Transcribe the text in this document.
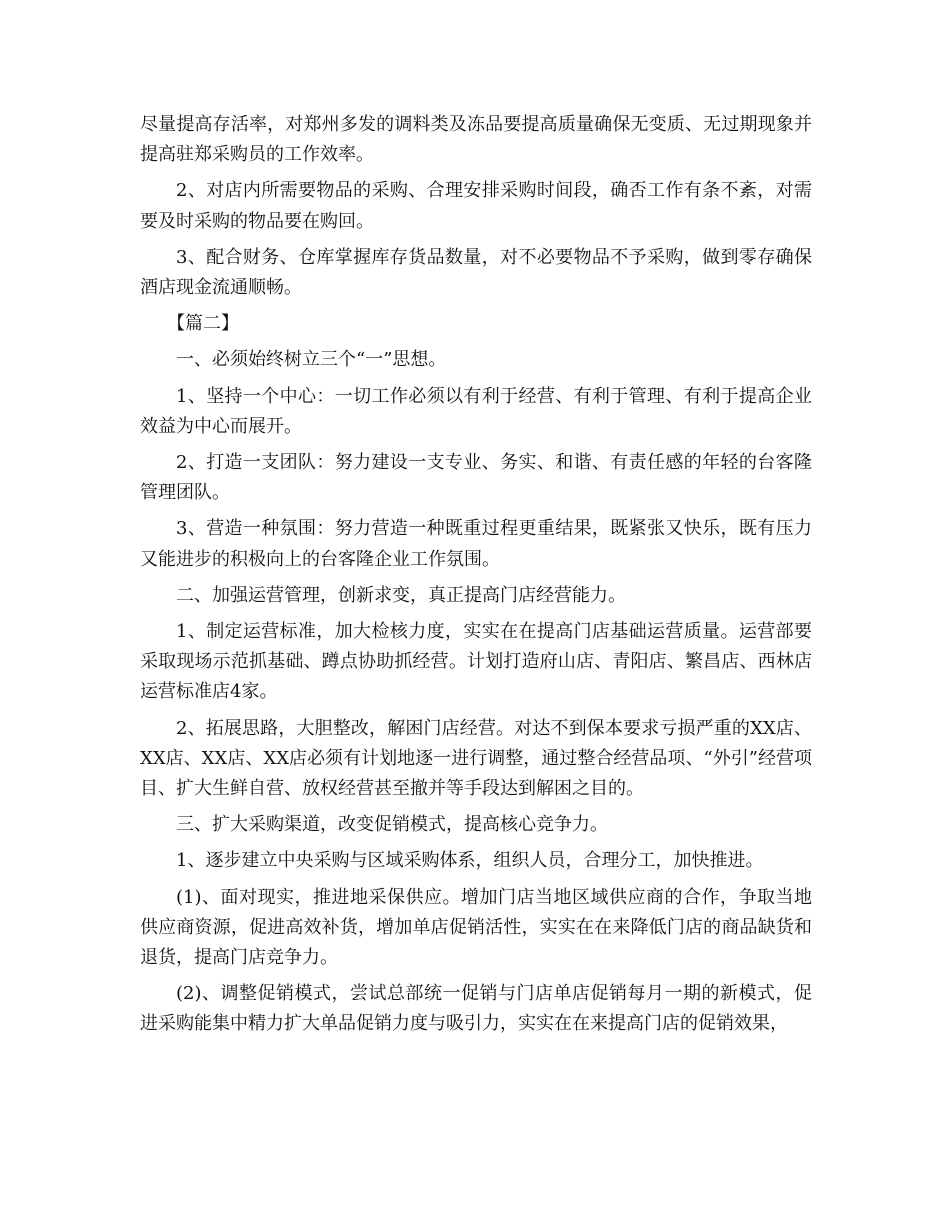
尽量提高存活率，对郑州多发的调料类及冻品要提高质量确保无变质、无过期现象并提高驻郑采购员的工作效率。

2、对店内所需要物品的采购、合理安排采购时间段，确否工作有条不紊，对需要及时采购的物品要在购回。

3、配合财务、仓库掌握库存货品数量，对不必要物品不予采购，做到零存确保酒店现金流通顺畅。

【篇二】

一、必须始终树立三个“一”思想。

1、坚持一个中心：一切工作必须以有利于经营、有利于管理、有利于提高企业效益为中心而展开。

2、打造一支团队：努力建设一支专业、务实、和谐、有责任感的年轻的台客隆管理团队。

3、营造一种氛围：努力营造一种既重过程更重结果，既紧张又快乐，既有压力又能进步的积极向上的台客隆企业工作氛围。

二、加强运营管理，创新求变，真正提高门店经营能力。

1、制定运营标准，加大检核力度，实实在在提高门店基础运营质量。运营部要采取现场示范抓基础、蹲点协助抓经营。计划打造府山店、青阳店、繁昌店、西林店运营标准店4家。

2、拓展思路，大胆整改，解困门店经营。对达不到保本要求亏损严重的XX店、XX店、XX店、XX店必须有计划地逐一进行调整，通过整合经营品项、“外引”经营项目、扩大生鲜自营、放权经营甚至撤并等手段达到解困之目的。

三、扩大采购渠道，改变促销模式，提高核心竞争力。

1、逐步建立中央采购与区域采购体系，组织人员，合理分工，加快推进。

(1)、面对现实，推进地采保供应。增加门店当地区域供应商的合作，争取当地供应商资源，促进高效补货，增加单店促销活性，实实在在来降低门店的商品缺货和退货，提高门店竞争力。

(2)、调整促销模式，尝试总部统一促销与门店单店促销每月一期的新模式，促进采购能集中精力扩大单品促销力度与吸引力，实实在在来提高门店的促销效果，
